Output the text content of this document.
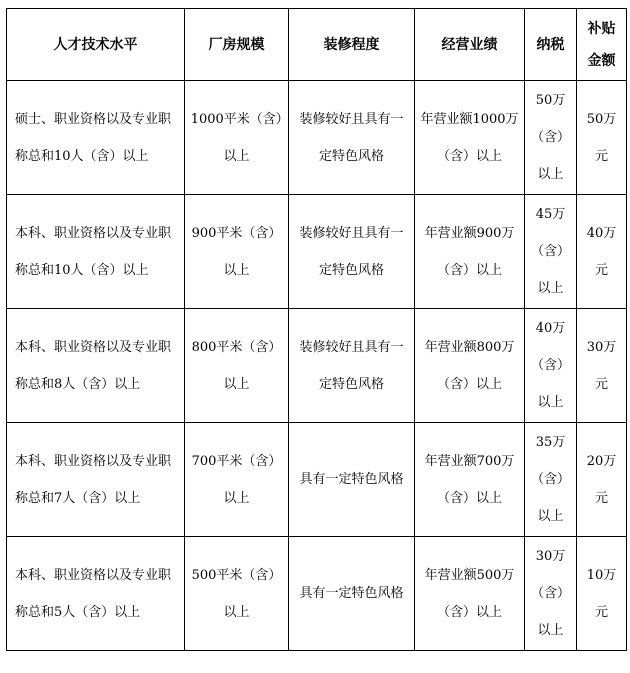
人才技术水平	厂房规模	装修程度	经营业绩	纳税	补贴金额
硕士、职业资格以及专业职称总和10人（含）以上	1000平米（含）以上	装修较好且具有一定特色风格	年营业额1000万（含）以上	50万（含）以上	50万元
本科、职业资格以及专业职称总和10人（含）以上	900平米（含）以上	装修较好且具有一定特色风格	年营业额900万（含）以上	45万（含）以上	40万元
本科、职业资格以及专业职称总和8人（含）以上	800平米（含）以上	装修较好且具有一定特色风格	年营业额800万（含）以上	40万（含）以上	30万元
本科、职业资格以及专业职称总和7人（含）以上	700平米（含）以上	具有一定特色风格	年营业额700万（含）以上	35万（含）以上	20万元
本科、职业资格以及专业职称总和5人（含）以上	500平米（含）以上	具有一定特色风格	年营业额500万（含）以上	30万（含）以上	10万元
